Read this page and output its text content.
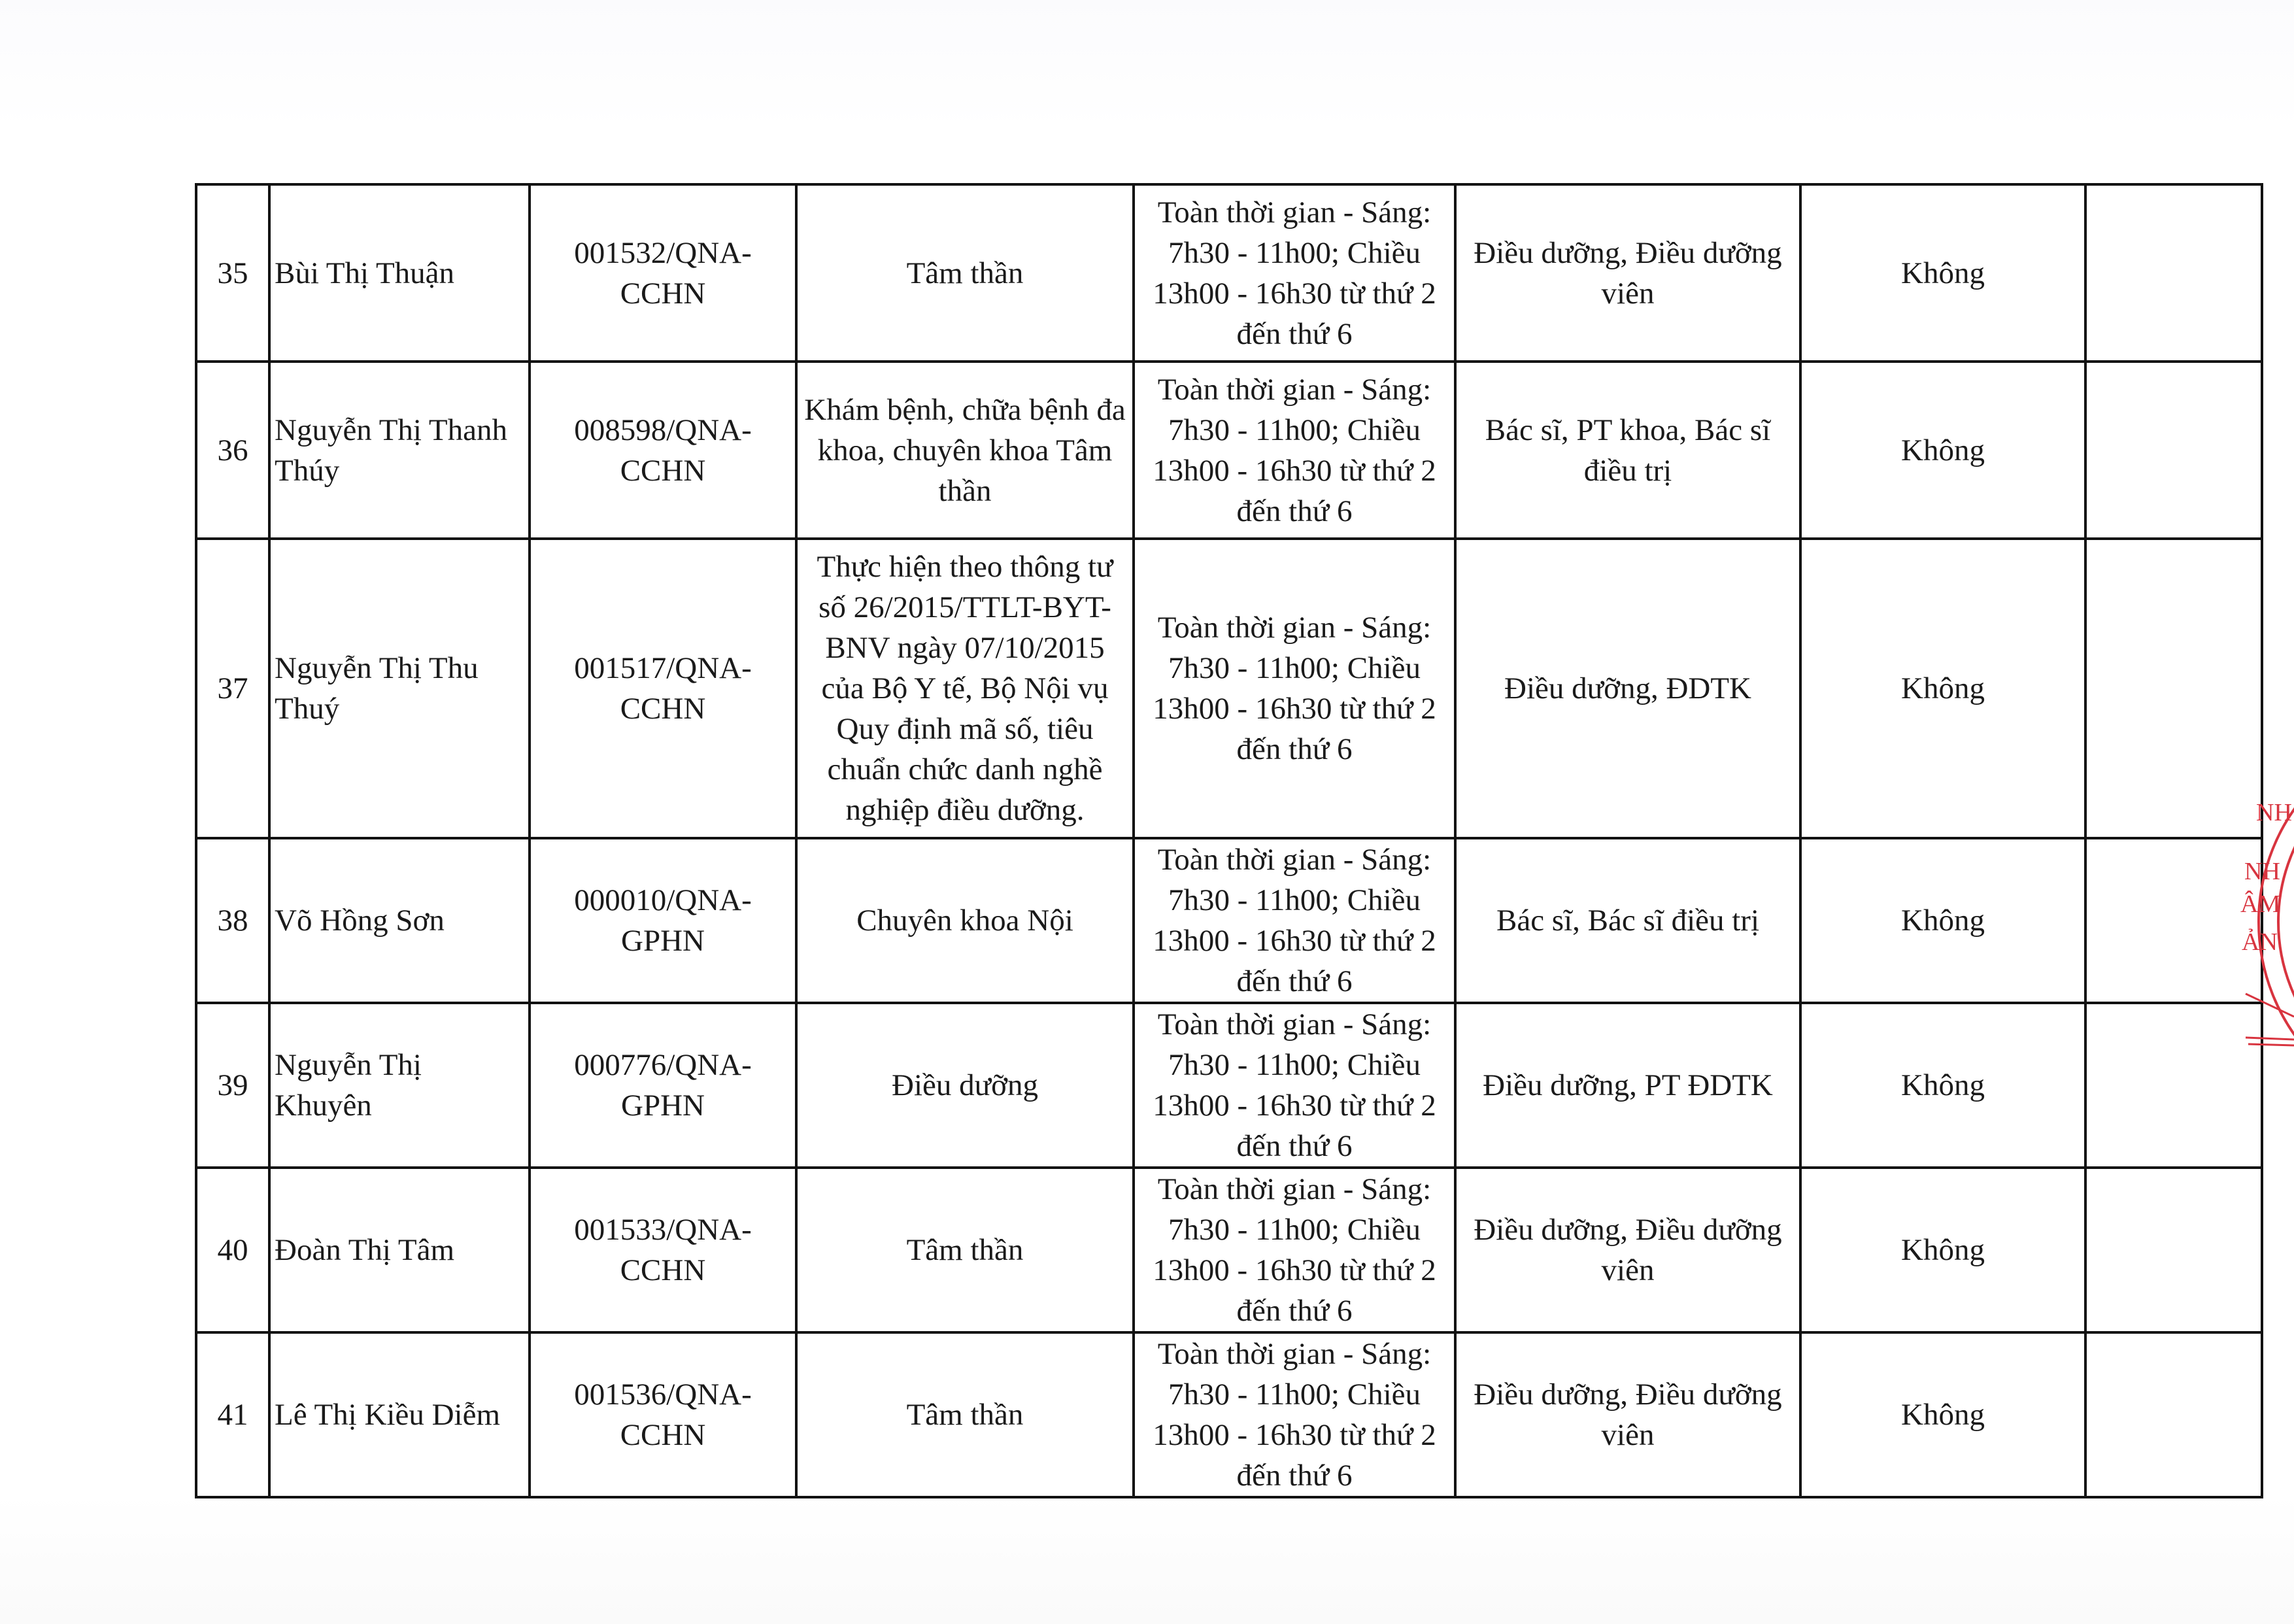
35	Bùi Thị Thuận	001532/QNA-CCHN	Tâm thần	Toàn thời gian - Sáng: 7h30 - 11h00; Chiều 13h00 - 16h30 từ thứ 2 đến thứ 6	Điều dưỡng, Điều dưỡng viên	Không	
36	Nguyễn Thị Thanh Thúy	008598/QNA-CCHN	Khám bệnh, chữa bệnh đa khoa, chuyên khoa Tâm thần	Toàn thời gian - Sáng: 7h30 - 11h00; Chiều 13h00 - 16h30 từ thứ 2 đến thứ 6	Bác sĩ, PT khoa, Bác sĩ điều trị	Không	
37	Nguyễn Thị Thu Thuý	001517/QNA-CCHN	Thực hiện theo thông tư số 26/2015/TTLT-BYT-BNV ngày 07/10/2015 của Bộ Y tế, Bộ Nội vụ Quy định mã số, tiêu chuẩn chức danh nghề nghiệp điều dưỡng.	Toàn thời gian - Sáng: 7h30 - 11h00; Chiều 13h00 - 16h30 từ thứ 2 đến thứ 6	Điều dưỡng, ĐDTK	Không	
38	Võ Hồng Sơn	000010/QNA-GPHN	Chuyên khoa Nội	Toàn thời gian - Sáng: 7h30 - 11h00; Chiều 13h00 - 16h30 từ thứ 2 đến thứ 6	Bác sĩ, Bác sĩ điều trị	Không	
39	Nguyễn Thị Khuyên	000776/QNA-GPHN	Điều dưỡng	Toàn thời gian - Sáng: 7h30 - 11h00; Chiều 13h00 - 16h30 từ thứ 2 đến thứ 6	Điều dưỡng, PT ĐDTK	Không	
40	Đoàn Thị Tâm	001533/QNA-CCHN	Tâm thần	Toàn thời gian - Sáng: 7h30 - 11h00; Chiều 13h00 - 16h30 từ thứ 2 đến thứ 6	Điều dưỡng, Điều dưỡng viên	Không	
41	Lê Thị Kiều Diễm	001536/QNA-CCHN	Tâm thần	Toàn thời gian - Sáng: 7h30 - 11h00; Chiều 13h00 - 16h30 từ thứ 2 đến thứ 6	Điều dưỡng, Điều dưỡng viên	Không	
NH
NH
ÂM
ẢN
